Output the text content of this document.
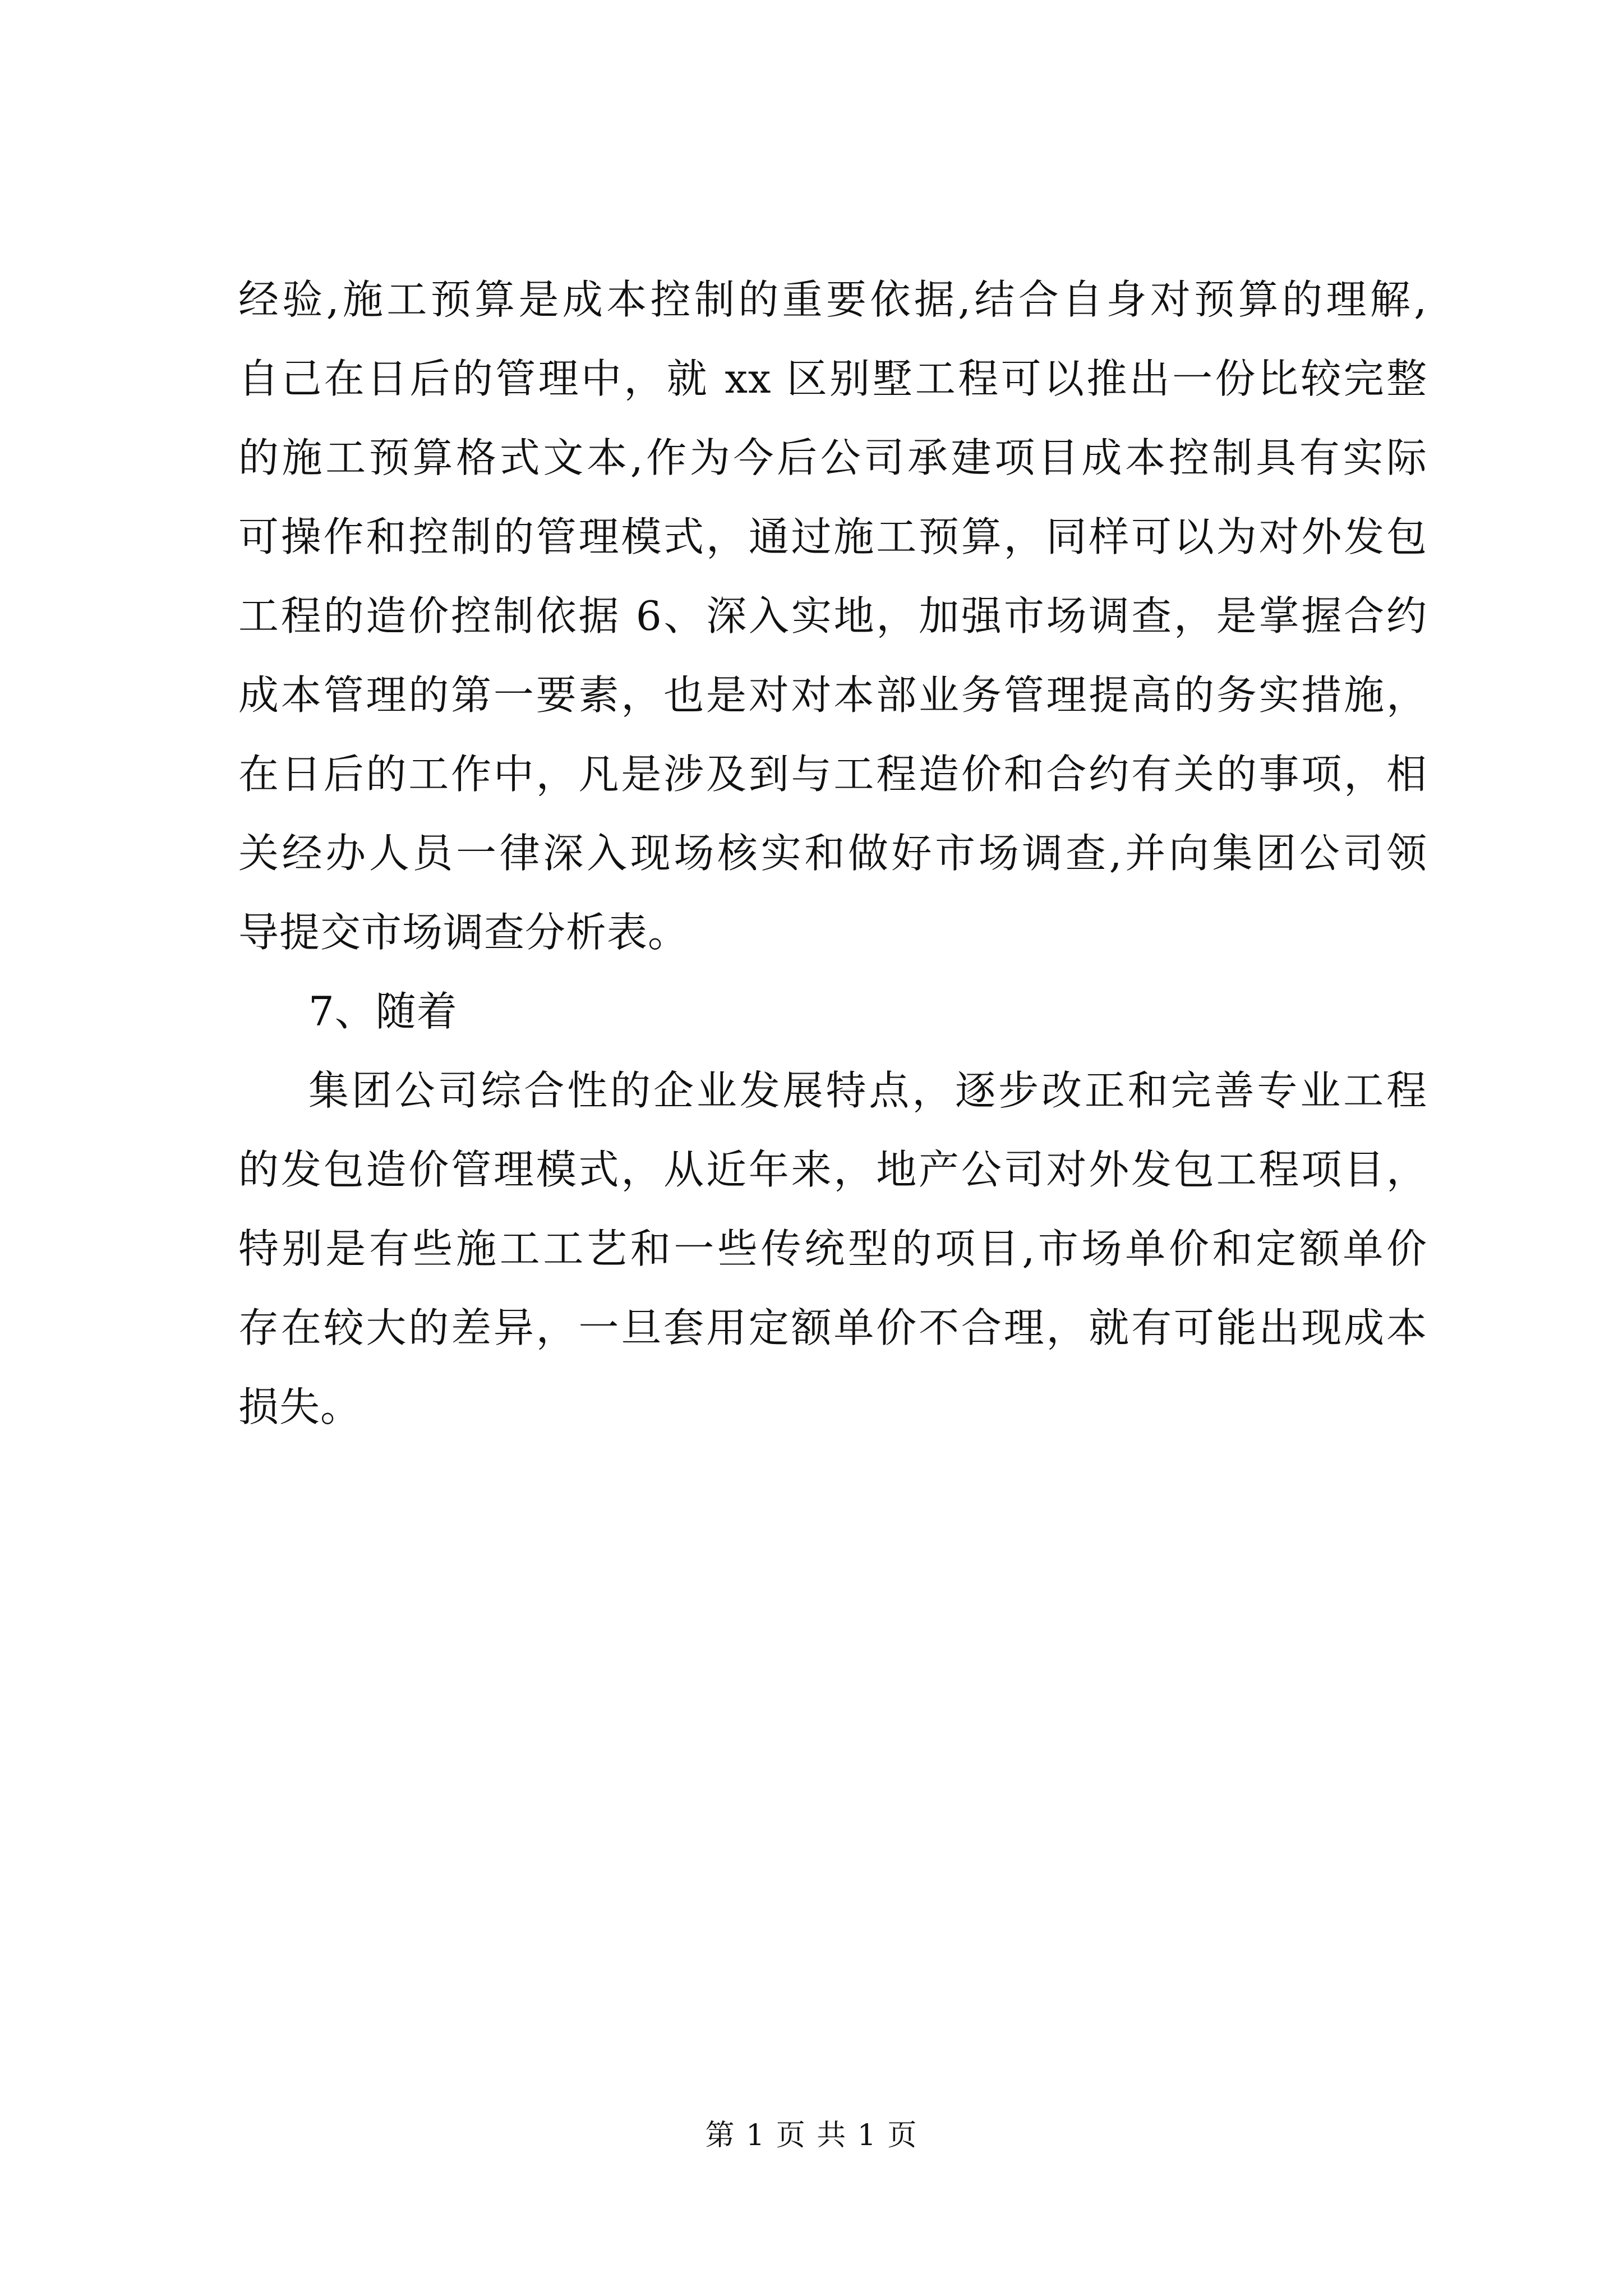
经验,施工预算是成本控制的重要依据,结合自身对预算的理解,

自己在日后的管理中，就 xx 区别墅工程可以推出一份比较完整

的施工预算格式文本,作为今后公司承建项目成本控制具有实际

可操作和控制的管理模式，通过施工预算，同样可以为对外发包

工程的造价控制依据 6、深入实地，加强市场调查，是掌握合约

成本管理的第一要素，也是对对本部业务管理提高的务实措施，

在日后的工作中，凡是涉及到与工程造价和合约有关的事项，相

关经办人员一律深入现场核实和做好市场调查,并向集团公司领

导提交市场调查分析表。

7、随着

集团公司综合性的企业发展特点，逐步改正和完善专业工程

的发包造价管理模式，从近年来，地产公司对外发包工程项目，

特别是有些施工工艺和一些传统型的项目,市场单价和定额单价

存在较大的差异，一旦套用定额单价不合理，就有可能出现成本

损失。

第 1 页 共 1 页
